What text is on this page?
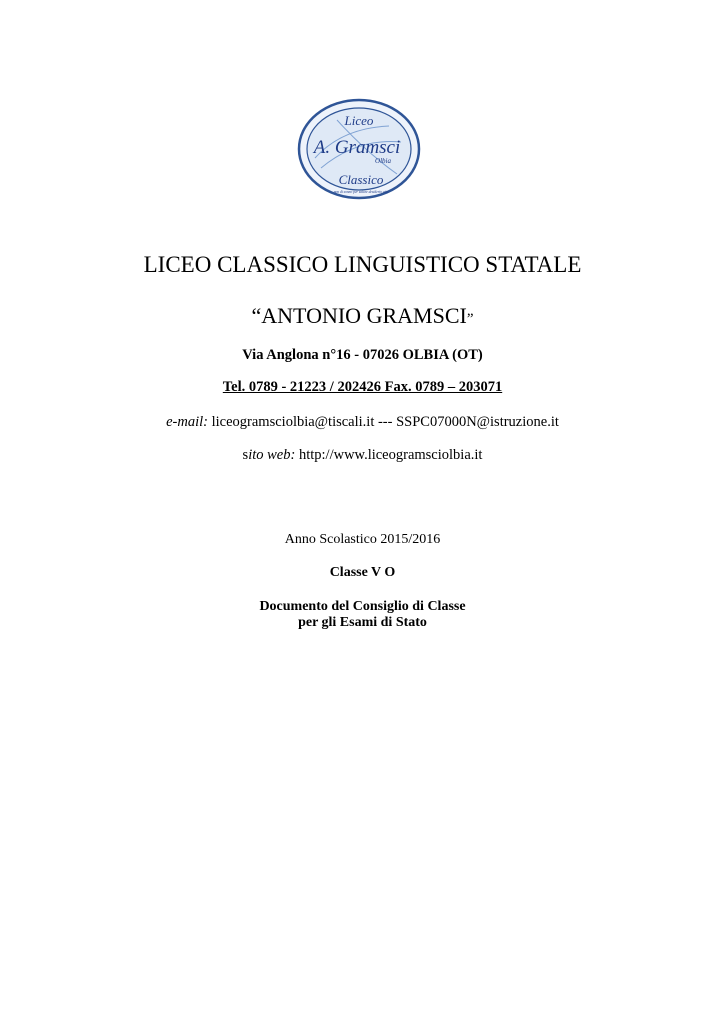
Liceo
A. Gramsci
Olbia
Classico
non di sonno per sature desiderio vita
LICEO CLASSICO LINGUISTICO STATALE
“ANTONIO GRAMSCI”
Via Anglona n°16 - 07026 OLBIA (OT)
Tel. 0789 - 21223 / 202426 Fax. 0789 – 203071
e-mail: liceogramsciolbia@tiscali.it --- SSPC07000N@istruzione.it
sito web: http://www.liceogramsciolbia.it
Anno Scolastico 2015/2016
Classe V O
Documento del Consiglio di Classe
per gli Esami di Stato
